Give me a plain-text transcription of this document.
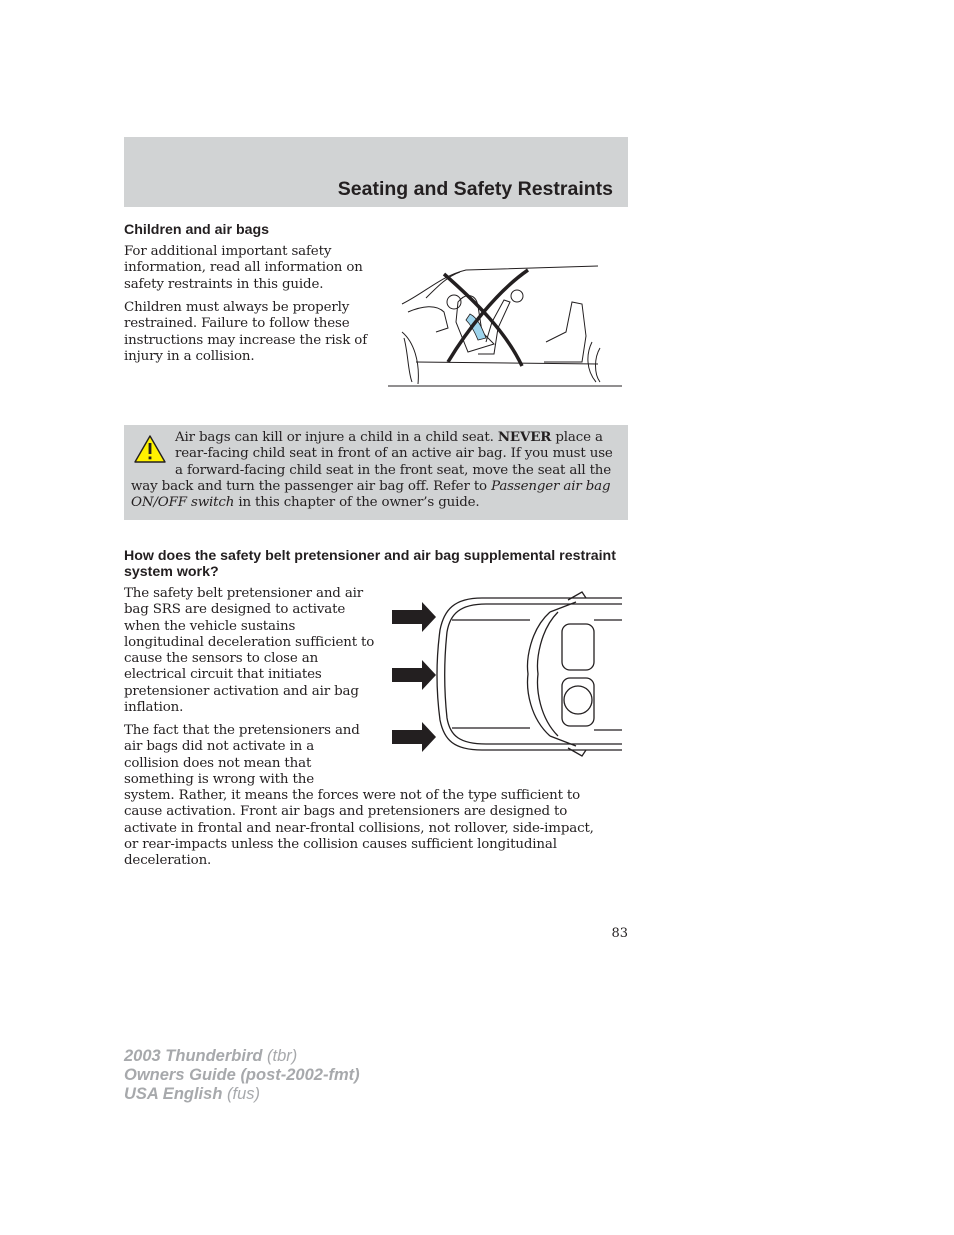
Seating and Safety Restraints
Children and air bags

For additional important safety information, read all information on safety restraints in this guide.

Children must always be properly restrained. Failure to follow these instructions may increase the risk of injury in a collision.

Air bags can kill or injure a child in a child seat. NEVER place a rear-facing child seat in front of an active air bag. If you must use a forward-facing child seat in the front seat, move the seat all the way back and turn the passenger air bag off. Refer to Passenger air bag ON/OFF switch in this chapter of the owner’s guide.
How does the safety belt pretensioner and air bag supplemental restraint system work?

The safety belt pretensioner and air bag SRS are designed to activate when the vehicle sustains longitudinal deceleration sufficient to cause the sensors to close an electrical circuit that initiates pretensioner activation and air bag inflation.

The fact that the pretensioners and air bags did not activate in a collision does not mean that something is wrong with the system. Rather, it means the forces were not of the type sufficient to cause activation. Front air bags and pretensioners are designed to activate in frontal and near-frontal collisions, not rollover, side-impact, or rear-impacts unless the collision causes sufficient longitudinal deceleration.

83

2003 Thunderbird (tbr)
Owners Guide (post-2002-fmt)
USA English (fus)
